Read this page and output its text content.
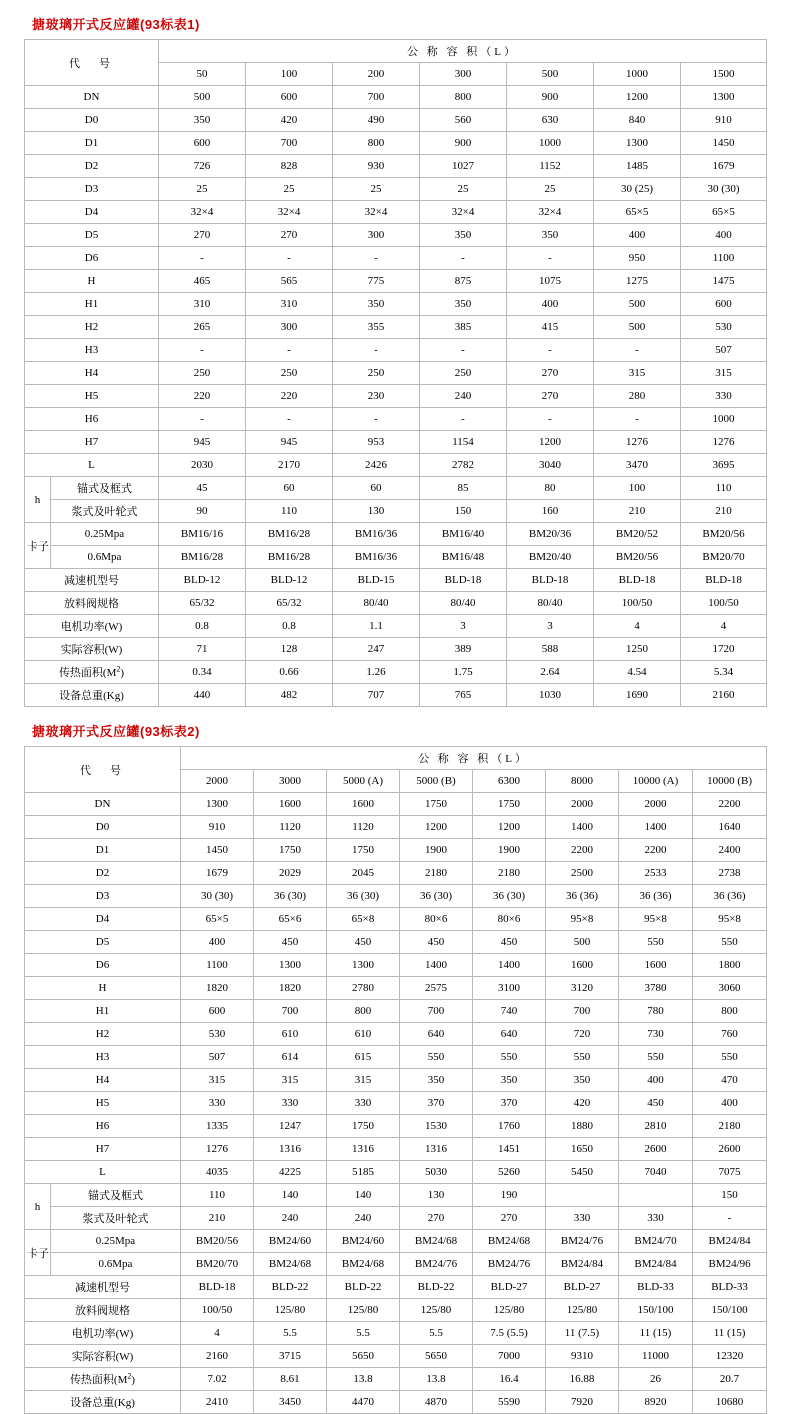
搪玻璃开式反应罐(93标表1)
代　号		公 称 容 积（L）						
		50	100	200	300	500	1000	1500
DN		500	600	700	800	900	1200	1300
D0		350	420	490	560	630	840	910
D1		600	700	800	900	1000	1300	1450
D2		726	828	930	1027	1152	1485	1679
D3		25	25	25	25	25	30 (25)	30 (30)
D4		32×4	32×4	32×4	32×4	32×4	65×5	65×5
D5		270	270	300	350	350	400	400
D6		-	-	-	-	-	950	1100
H		465	565	775	875	1075	1275	1475
H1		310	310	350	350	400	500	600
H2		265	300	355	385	415	500	530
H3		-	-	-	-	-	-	507
H4		250	250	250	250	270	315	315
H5		220	220	230	240	270	280	330
H6		-	-	-	-	-	-	1000
H7		945	945	953	1154	1200	1276	1276
L		2030	2170	2426	2782	3040	3470	3695
h	锚式及框式	45	60	60	85	80	100	110
	浆式及叶轮式	90	110	130	150	160	210	210
卡子	0.25Mpa	BM16/16	BM16/28	BM16/36	BM16/40	BM20/36	BM20/52	BM20/56
	0.6Mpa	BM16/28	BM16/28	BM16/36	BM16/48	BM20/40	BM20/56	BM20/70
减速机型号		BLD-12	BLD-12	BLD-15	BLD-18	BLD-18	BLD-18	BLD-18
放料阀规格		65/32	65/32	80/40	80/40	80/40	100/50	100/50
电机功率(W)		0.8	0.8	1.1	3	3	4	4
实际容积(W)		71	128	247	389	588	1250	1720
传热面积$(M^2)$		0.34	0.66	1.26	1.75	2.64	4.54	5.34
设备总重(Kg)		440	482	707	765	1030	1690	2160
搪玻璃开式反应罐(93标表2)
代　号		公 称 容 积（L）							
		2000	3000	5000 (A)	5000 (B)	6300	8000	10000 (A)	10000 (B)
DN		1300	1600	1600	1750	1750	2000	2000	2200
D0		910	1120	1120	1200	1200	1400	1400	1640
D1		1450	1750	1750	1900	1900	2200	2200	2400
D2		1679	2029	2045	2180	2180	2500	2533	2738
D3		30 (30)	36 (30)	36 (30)	36 (30)	36 (30)	36 (36)	36 (36)	36 (36)
D4		65×5	65×6	65×8	80×6	80×6	95×8	95×8	95×8
D5		400	450	450	450	450	500	550	550
D6		1100	1300	1300	1400	1400	1600	1600	1800
H		1820	1820	2780	2575	3100	3120	3780	3060
H1		600	700	800	700	740	700	780	800
H2		530	610	610	640	640	720	730	760
H3		507	614	615	550	550	550	550	550
H4		315	315	315	350	350	350	400	470
H5		330	330	330	370	370	420	450	400
H6		1335	1247	1750	1530	1760	1880	2810	2180
H7		1276	1316	1316	1316	1451	1650	2600	2600
L		4035	4225	5185	5030	5260	5450	7040	7075
h	锚式及框式	110	140	140	130	190			150
	浆式及叶轮式	210	240	240	270	270	330	330	-
卡子	0.25Mpa	BM20/56	BM24/60	BM24/60	BM24/68	BM24/68	BM24/76	BM24/70	BM24/84
	0.6Mpa	BM20/70	BM24/68	BM24/68	BM24/76	BM24/76	BM24/84	BM24/84	BM24/96
减速机型号		BLD-18	BLD-22	BLD-22	BLD-22	BLD-27	BLD-27	BLD-33	BLD-33
放料阀规格		100/50	125/80	125/80	125/80	125/80	125/80	150/100	150/100
电机功率(W)		4	5.5	5.5	5.5	7.5 (5.5)	11 (7.5)	11 (15)	11 (15)
实际容积(W)		2160	3715	5650	5650	7000	9310	11000	12320
传热面积$(M^2)$		7.02	8.61	13.8	13.8	16.4	16.88	26	20.7
设备总重(Kg)		2410	3450	4470	4870	5590	7920	8920	10680
